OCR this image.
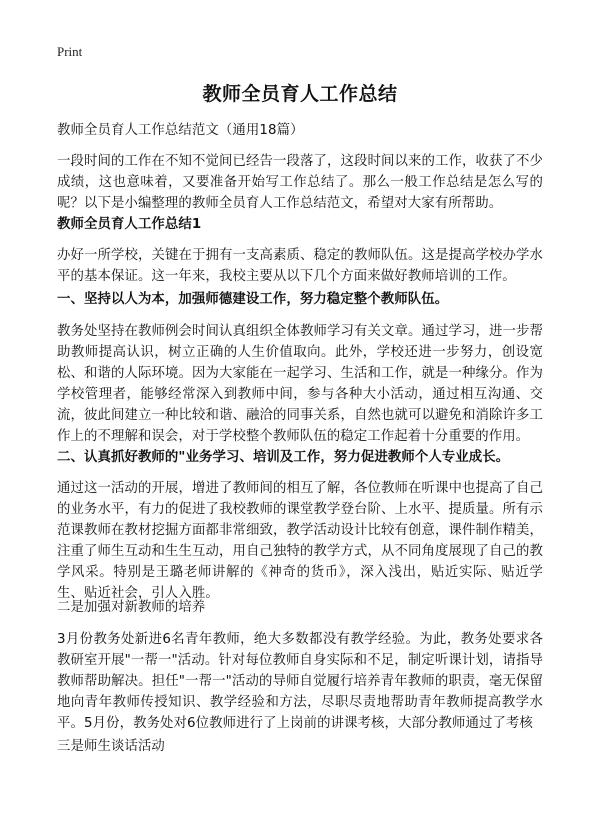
Print
教师全员育人工作总结
教师全员育人工作总结范文（通用18篇）
一段时间的工作在不知不觉间已经告一段落了，这段时间以来的工作，收获了不少成绩，这也意味着，又要准备开始写工作总结了。那么一般工作总结是怎么写的呢？以下是小编整理的教师全员育人工作总结范文，希望对大家有所帮助。
教师全员育人工作总结1
办好一所学校，关键在于拥有一支高素质、稳定的教师队伍。这是提高学校办学水平的基本保证。这一年来，我校主要从以下几个方面来做好教师培训的工作。
一、坚持以人为本，加强师德建设工作，努力稳定整个教师队伍。
教务处坚持在教师例会时间认真组织全体教师学习有关文章。通过学习，进一步帮助教师提高认识，树立正确的人生价值取向。此外，学校还进一步努力，创设宽松、和谐的人际环境。因为大家能在一起学习、生活和工作，就是一种缘分。作为学校管理者，能够经常深入到教师中间，参与各种大小活动，通过相互沟通、交流，彼此间建立一种比较和谐、融洽的同事关系，自然也就可以避免和消除许多工作上的不理解和误会，对于学校整个教师队伍的稳定工作起着十分重要的作用。
二、认真抓好教师的"业务学习、培训及工作，努力促进教师个人专业成长。
通过这一活动的开展，增进了教师间的相互了解，各位教师在听课中也提高了自己的业务水平，有力的促进了我校教师的课堂教学登台阶、上水平、提质量。所有示范课教师在教材挖掘方面都非常细致，教学活动设计比较有创意，课件制作精美，注重了师生互动和生生互动，用自己独特的教学方式，从不同角度展现了自己的教学风采。特别是王璐老师讲解的《神奇的货币》，深入浅出，贴近实际、贴近学生、贴近社会，引人入胜。
二是加强对新教师的培养
3月份教务处新进6名青年教师，绝大多数都没有教学经验。为此，教务处要求各教研室开展"一帮一"活动。针对每位教师自身实际和不足，制定听课计划，请指导教师帮助解决。担任"一帮一"活动的导师自觉履行培养青年教师的职责，毫无保留地向青年教师传授知识、教学经验和方法，尽职尽责地帮助青年教师提高教学水平。5月份，教务处对6位教师进行了上岗前的讲课考核，大部分教师通过了考核
三是师生谈话活动
